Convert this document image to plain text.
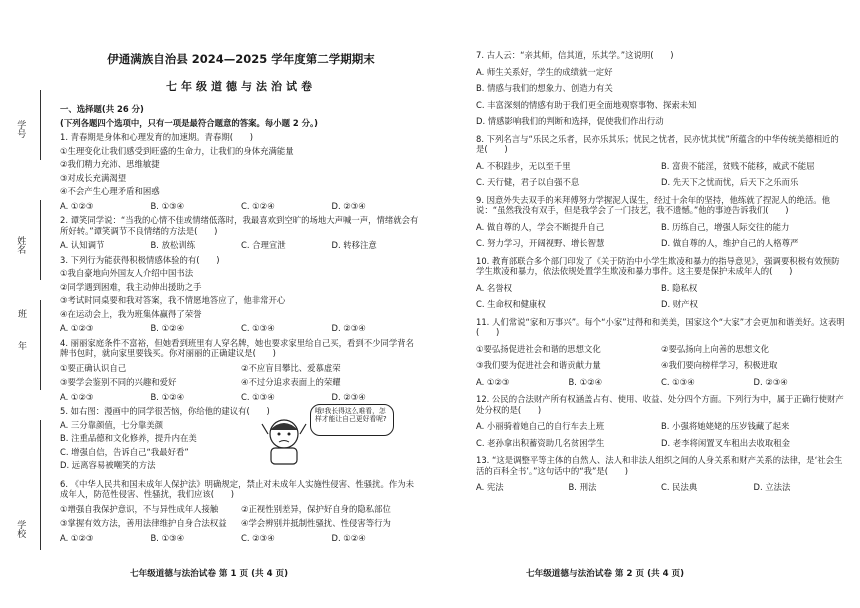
学号
姓名
年
班
学校
伊通满族自治县 2024—2025 学年度第二学期期末
七年级道德与法治试卷
一、选择题(共 26 分)
(下列各题四个选项中，只有一项是最符合题意的答案。每小题 2 分。)
1. 青春期是身体和心理发育的加速期。青春期(　　)
①生理变化让我们感受到旺盛的生命力，让我们的身体充满能量
②我们精力充沛、思维敏捷
③对成长充满渴望
④不会产生心理矛盾和困惑
A. ①②③	B. ①③④	C. ①②④	D. ②③④
2. 谭笑同学说：“当我的心情不佳或情绪低落时，我最喜欢到空旷的场地大声喊一声，情绪就会有所好转。”谭笑调节不良情绪的方法是(　　)
A. 认知调节	B. 放松训练	C. 合理宣泄	D. 转移注意
3. 下列行为能获得积极情感体验的有(　　)
①我自豪地向外国友人介绍中国书法
②同学遇到困难，我主动伸出援助之手
③考试时同桌要和我对答案，我不情愿地答应了，他非常开心
④在运动会上，我为班集体赢得了荣誉
A. ①②③	B. ①②④	C. ①③④	D. ②③④
4. 丽丽家庭条件不富裕，但她看到班里有人穿名牌，她也要求家里给自己买，看到不少同学背名牌书包时，就向家里要钱买。你对丽丽的正确建议是(　　)
①要正确认识自己	②不应盲目攀比、爱慕虚荣
③要学会鉴别不同的兴趣和爱好	④不过分追求表面上的荣耀
A. ①②③	B. ①②④	C. ①③④	D. ②③④
5. 如右图：漫画中的同学很苦恼，你给他的建议有(　　)
A. 三分靠颜值，七分靠美颜
B. 注重品德和文化修养，提升内在美
C. 增强自信，告诉自己“我最好看”
D. 远离容易被嘲笑的方法
6. 《中华人民共和国未成年人保护法》明确规定，禁止对未成年人实施性侵害、性骚扰。作为未成年人，防范性侵害、性骚扰，我们应该(　　)
①增强自我保护意识，不与异性成年人接触	②正视性别差异，保护好自身的隐私部位
③掌握有效方法，善用法律维护自身合法权益	④学会辨别并抵制性骚扰、性侵害等行为
A. ①②③	B. ①③④	C. ②③④	D. ①②④
哦!我长得这么难看，怎样才能让自己更好看呢?
七年级道德与法治试卷 第 1 页 (共 4 页)
7. 古人云：“亲其师，信其道，乐其学。”这说明(　　)
A. 师生关系好，学生的成绩就一定好
B. 情感与我们的想象力、创造力有关
C. 丰富深刻的情感有助于我们更全面地观察事物、探索未知
D. 情感影响我们的判断和选择，促使我们作出行动
8. 下列名言与“乐民之乐者，民亦乐其乐；忧民之忧者，民亦忧其忧”所蕴含的中华传统美德相近的是(　　)
A. 不积跬步，无以至千里	B. 富贵不能淫，贫贱不能移，威武不能屈
C. 天行健，君子以自强不息	D. 先天下之忧而忧，后天下之乐而乐
9. 因意外失去双手的米拜傅努力学握泥人谋生，经过十余年的坚持，他练就了捏泥人的绝活。他说：“虽然我没有双手，但是我学会了一门技艺，我不遗憾。”他的事迹告诉我们(　　)
A. 做自尊的人，学会不断提升自己	B. 历练自己，增强人际交往的能力
C. 努力学习，开阔视野、增长智慧	D. 做自尊的人，维护自己的人格尊严
10. 教育部联合多个部门印发了《关于防治中小学生欺凌和暴力的指导意见》，强调要积极有效预防学生欺凌和暴力，依法依规处置学生欺凌和暴力事件。这主要是保护未成年人的(　　)
A. 名誉权	B. 隐私权
C. 生命权和健康权	D. 财产权
11. 人们常说“家和万事兴”。每个“小家”过得和和美美，国家这个“大家”才会更加和谐美好。这表明(　　)
①要弘扬促进社会和谐的思想文化	②要弘扬向上向善的思想文化
③我们要为促进社会和谐贡献力量	④我们要向榜样学习，积极进取
A. ①②③	B. ①②④	C. ①③④	D. ②③④
12. 公民的合法财产所有权涵盖占有、使用、收益、处分四个方面。下列行为中，属于正确行使财产处分权的是(　　)
A. 小丽骑着她自己的自行车去上班	B. 小强将她姥姥的压岁钱藏了起来
C. 老孙拿出积蓄资助几名贫困学生	D. 老李将闲置叉车租出去收取租金
13. “这是调整平等主体的自然人、法人和非法人组织之间的人身关系和财产关系的法律，是‘社会生活的百科全书’。”这句话中的“我”是(　　)
A. 宪法	B. 刑法	C. 民法典	D. 立法法
七年级道德与法治试卷 第 2 页 (共 4 页)
